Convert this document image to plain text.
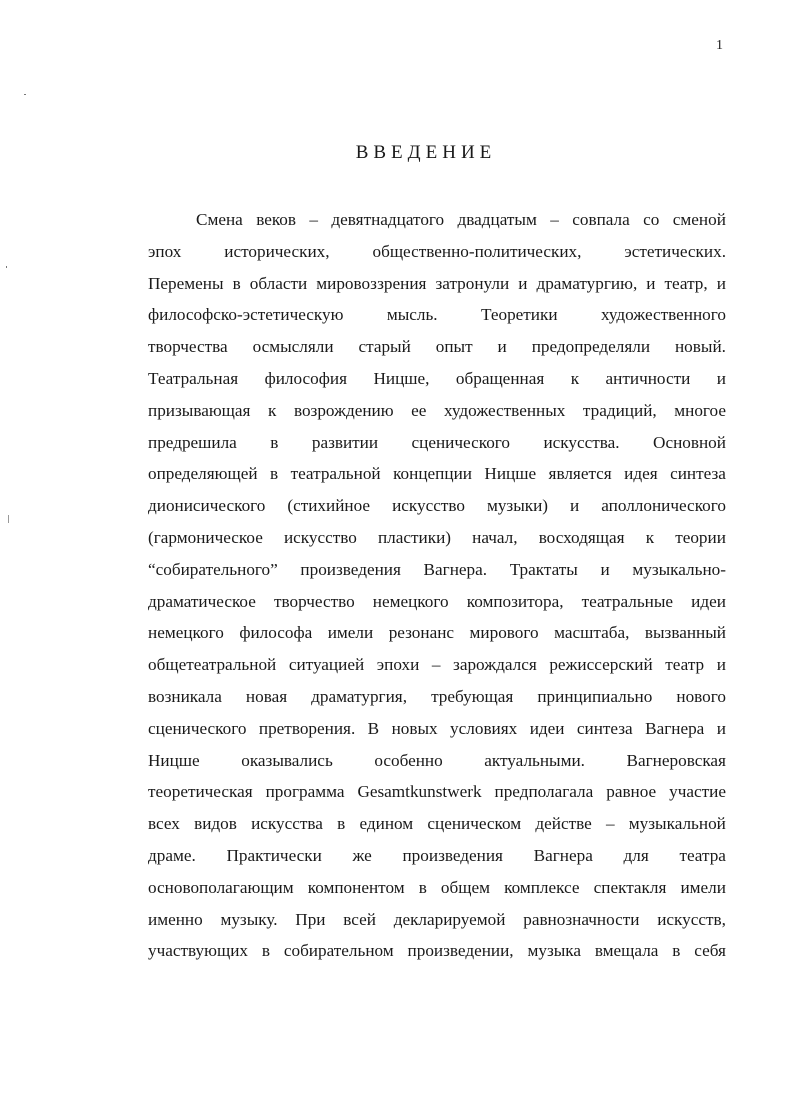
1
ВВЕДЕНИЕ
Смена веков – девятнадцатого двадцатым – совпала со сменой
эпох исторических, общественно-политических, эстетических.
Перемены в области мировоззрения затронули и драматургию, и театр, и
философско-эстетическую	мысль.	Теоретики	художественного
творчества осмысляли старый опыт и предопределяли новый.
Театральная философия Ницше, обращенная к античности и
призывающая к возрождению ее художественных традиций, многое
предрешила в развитии сценического искусства. Основной
определяющей в театральной концепции Ницше является идея синтеза
дионисического (стихийное искусство музыки) и аполлонического
(гармоническое искусство пластики) начал, восходящая к теории
“собирательного” произведения Вагнера. Трактаты и музыкально-
драматическое творчество немецкого композитора, театральные идеи
немецкого философа имели резонанс мирового масштаба, вызванный
общетеатральной ситуацией эпохи – зарождался режиссерский театр и
возникала новая драматургия, требующая принципиально нового
сценического претворения. В новых условиях идеи синтеза Вагнера и
Ницше оказывались особенно актуальными. Вагнеровская
теоретическая программа Gesamtkunstwerk предполагала равное участие
всех видов искусства в едином сценическом действе – музыкальной
драме. Практически же произведения Вагнера для театра
основополагающим компонентом в общем комплексе спектакля имели
именно музыку. При всей декларируемой равнозначности искусств,
участвующих в собирательном произведении, музыка вмещала в себя
